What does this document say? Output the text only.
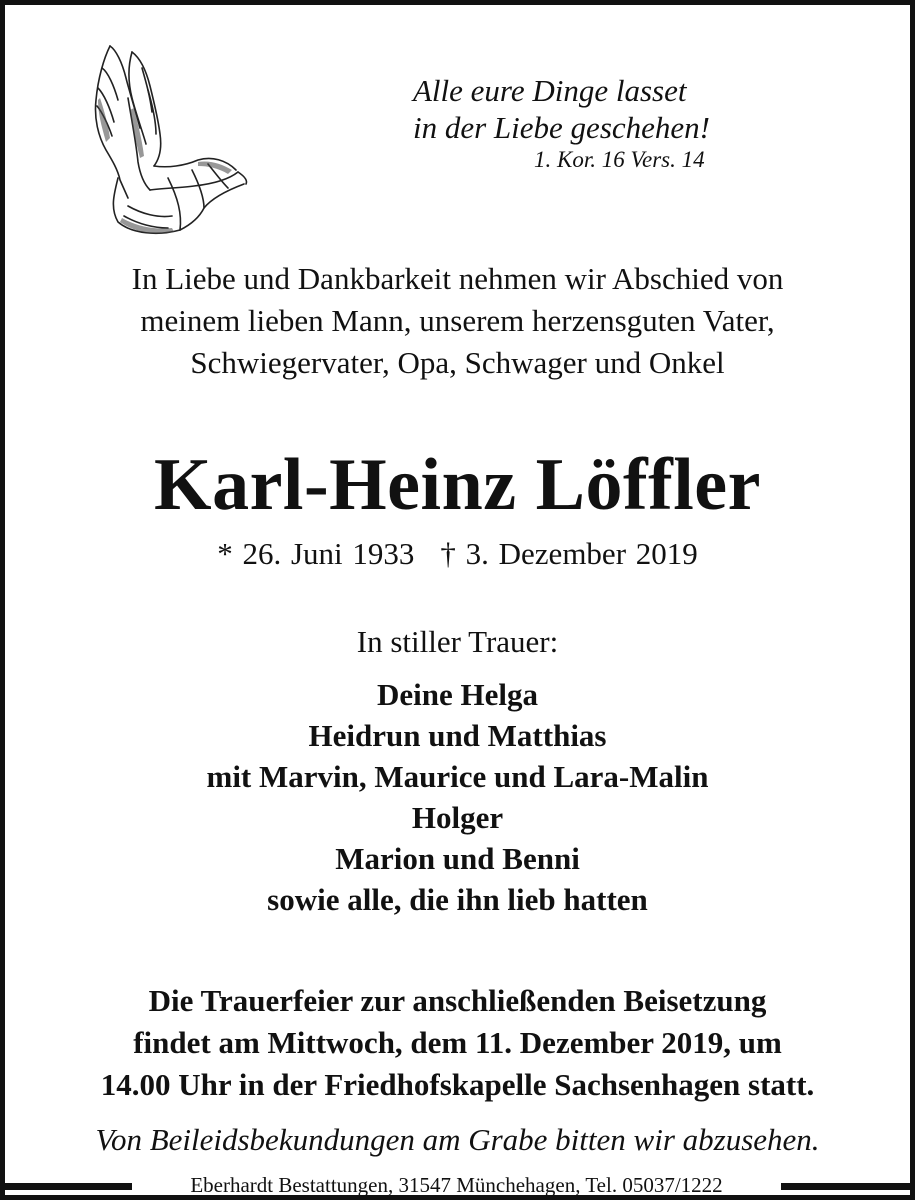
Alle eure Dinge lasset
in der Liebe geschehen!
1. Kor. 16 Vers. 14
In Liebe und Dankbarkeit nehmen wir Abschied von
meinem lieben Mann, unserem herzensguten Vater,
Schwiegervater, Opa, Schwager und Onkel
Karl-Heinz Löffler
* 26. Juni 1933 † 3. Dezember 2019
In stiller Trauer:
Deine Helga
Heidrun und Matthias
mit Marvin, Maurice und Lara-Malin
Holger
Marion und Benni
sowie alle, die ihn lieb hatten
Die Trauerfeier zur anschließenden Beisetzung
findet am Mittwoch, dem 11. Dezember 2019, um
14.00 Uhr in der Friedhofskapelle Sachsenhagen statt.
Von Beileidsbekundungen am Grabe bitten wir abzusehen.
Eberhardt Bestattungen, 31547 Münchehagen, Tel. 05037/1222
